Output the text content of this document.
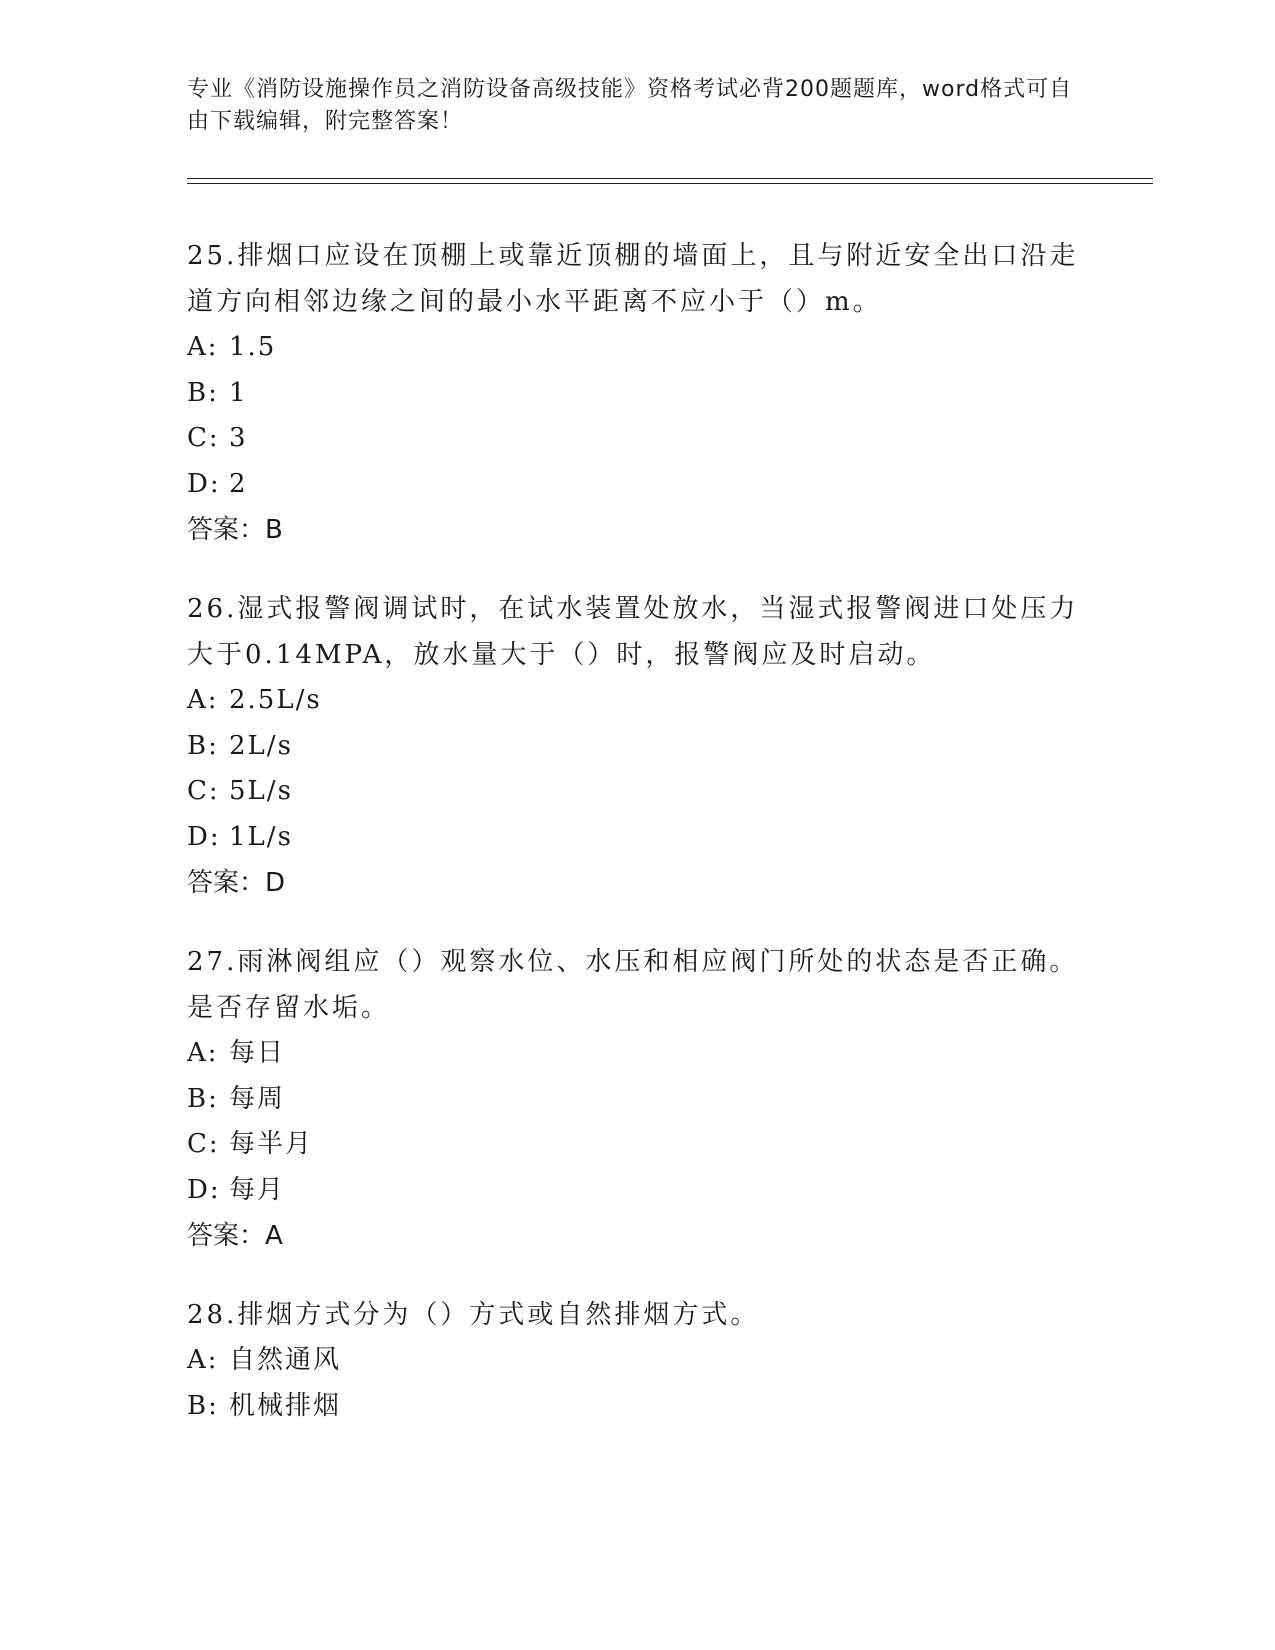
专业《消防设施操作员之消防设备高级技能》资格考试必背200题题库，word格式可自由下载编辑，附完整答案！

25.排烟口应设在顶棚上或靠近顶棚的墙面上，且与附近安全出口沿走道方向相邻边缘之间的最小水平距离不应小于（）m。

A: 1.5

B: 1

C: 3

D: 2

答案：B

26.湿式报警阀调试时，在试水装置处放水，当湿式报警阀进口处压力大于0.14MPA，放水量大于（）时，报警阀应及时启动。

A: 2.5L/s

B: 2L/s

C: 5L/s

D: 1L/s

答案：D

27.雨淋阀组应（）观察水位、水压和相应阀门所处的状态是否正确。是否存留水垢。

A: 每日

B: 每周

C: 每半月

D: 每月

答案：A

28.排烟方式分为（）方式或自然排烟方式。

A: 自然通风

B: 机械排烟
